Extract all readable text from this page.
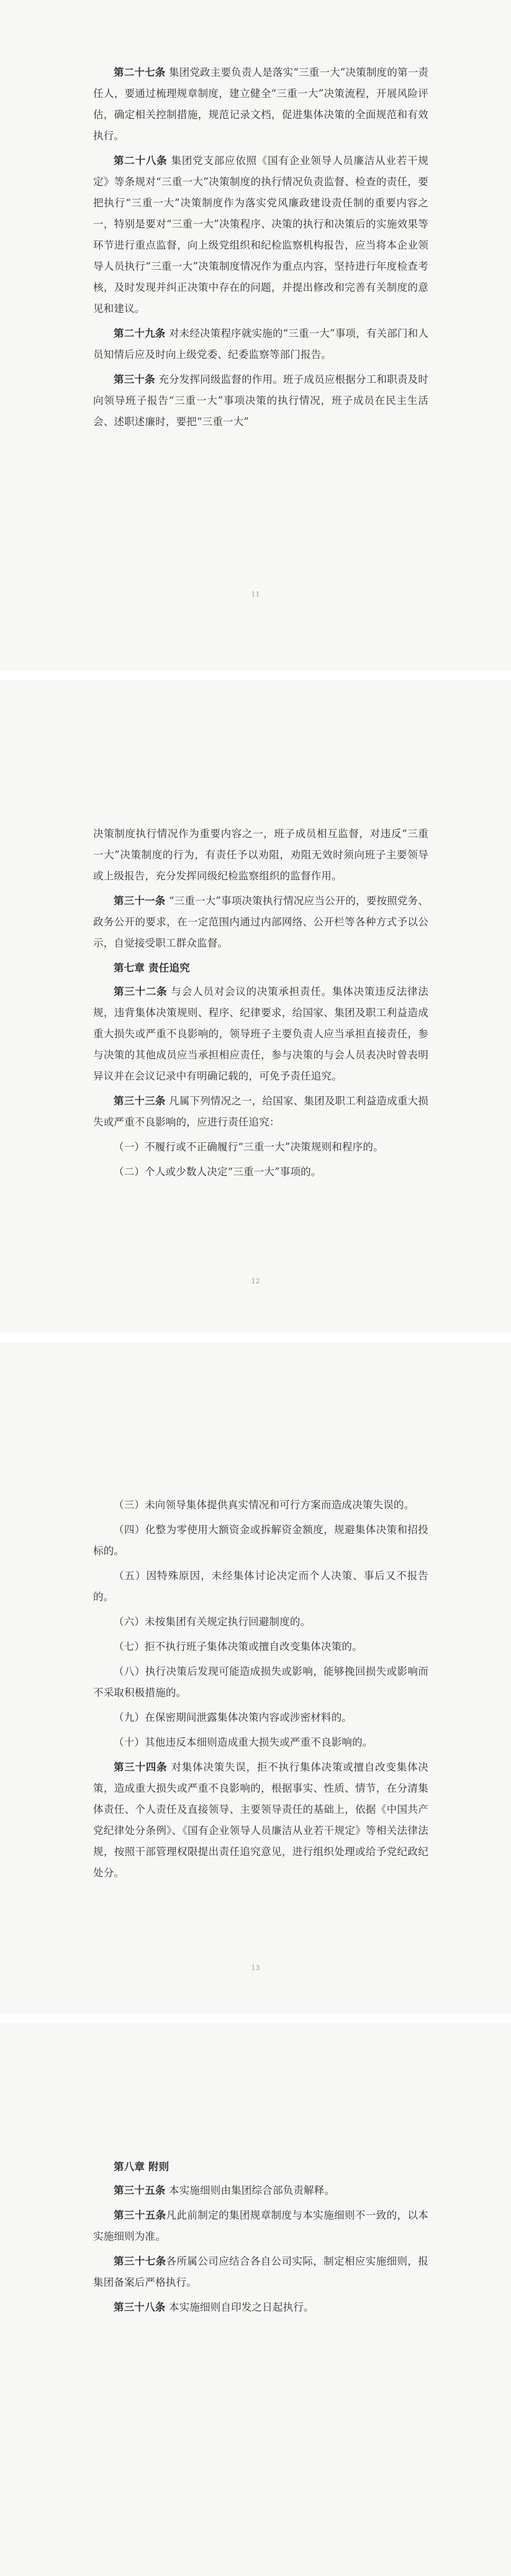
第二十七条 集团党政主要负责人是落实“三重一大”决策制度的第一责任人，要通过梳理规章制度，建立健全“三重一大”决策流程，开展风险评估，确定相关控制措施，规范记录文档，促进集体决策的全面规范和有效执行。

第二十八条 集团党支部应依照《国有企业领导人员廉洁从业若干规定》等条规对“三重一大”决策制度的执行情况负责监督、检查的责任，要把执行“三重一大”决策制度作为落实党风廉政建设责任制的重要内容之一，特别是要对“三重一大”决策程序、决策的执行和决策后的实施效果等环节进行重点监督，向上级党组织和纪检监察机构报告，应当将本企业领导人员执行“三重一大”决策制度情况作为重点内容，坚持进行年度检查考核，及时发现并纠正决策中存在的问题，并提出修改和完善有关制度的意见和建议。

第二十九条 对未经决策程序就实施的“三重一大”事项，有关部门和人员知情后应及时向上级党委、纪委监察等部门报告。

第三十条 充分发挥同级监督的作用。班子成员应根据分工和职责及时向领导班子报告“三重一大”事项决策的执行情况，班子成员在民主生活会、述职述廉时，要把“三重一大”

11

决策制度执行情况作为重要内容之一，班子成员相互监督，对违反“三重一大”决策制度的行为，有责任予以劝阻，劝阻无效时须向班子主要领导或上级报告，充分发挥同级纪检监察组织的监督作用。

第三十一条 “三重一大”事项决策执行情况应当公开的，要按照党务、政务公开的要求，在一定范围内通过内部网络、公开栏等各种方式予以公示，自觉接受职工群众监督。

第七章 责任追究

第三十二条 与会人员对会议的决策承担责任。集体决策违反法律法规，违背集体决策规则、程序、纪律要求，给国家、集团及职工利益造成重大损失或严重不良影响的，领导班子主要负责人应当承担直接责任，参与决策的其他成员应当承担相应责任，参与决策的与会人员表决时曾表明异议并在会议记录中有明确记载的，可免予责任追究。

第三十三条 凡属下列情况之一，给国家、集团及职工利益造成重大损失或严重不良影响的，应进行责任追究：

（一）不履行或不正确履行“三重一大”决策规则和程序的。

（二）个人或少数人决定“三重一大”事项的。

12

（三）未向领导集体提供真实情况和可行方案而造成决策失误的。

（四）化整为零使用大额资金或拆解资金额度，规避集体决策和招投标的。

（五）因特殊原因，未经集体讨论决定而个人决策、事后又不报告的。

（六）未按集团有关规定执行回避制度的。

（七）拒不执行班子集体决策或擅自改变集体决策的。

（八）执行决策后发现可能造成损失或影响，能够挽回损失或影响而不采取积极措施的。

（九）在保密期间泄露集体决策内容或涉密材料的。

（十）其他违反本细则造成重大损失或严重不良影响的。

第三十四条 对集体决策失误，拒不执行集体决策或擅自改变集体决策，造成重大损失或严重不良影响的，根据事实、性质、情节，在分清集体责任、个人责任及直接领导、主要领导责任的基础上，依据《中国共产党纪律处分条例》、《国有企业领导人员廉洁从业若干规定》等相关法律法规，按照干部管理权限提出责任追究意见，进行组织处理或给予党纪政纪处分。

13

第八章 附则

第三十五条 本实施细则由集团综合部负责解释。

第三十五条凡此前制定的集团规章制度与本实施细则不一致的，以本实施细则为准。

第三十七条各所属公司应结合各自公司实际，制定相应实施细则，报集团备案后严格执行。

第三十八条 本实施细则自印发之日起执行。
